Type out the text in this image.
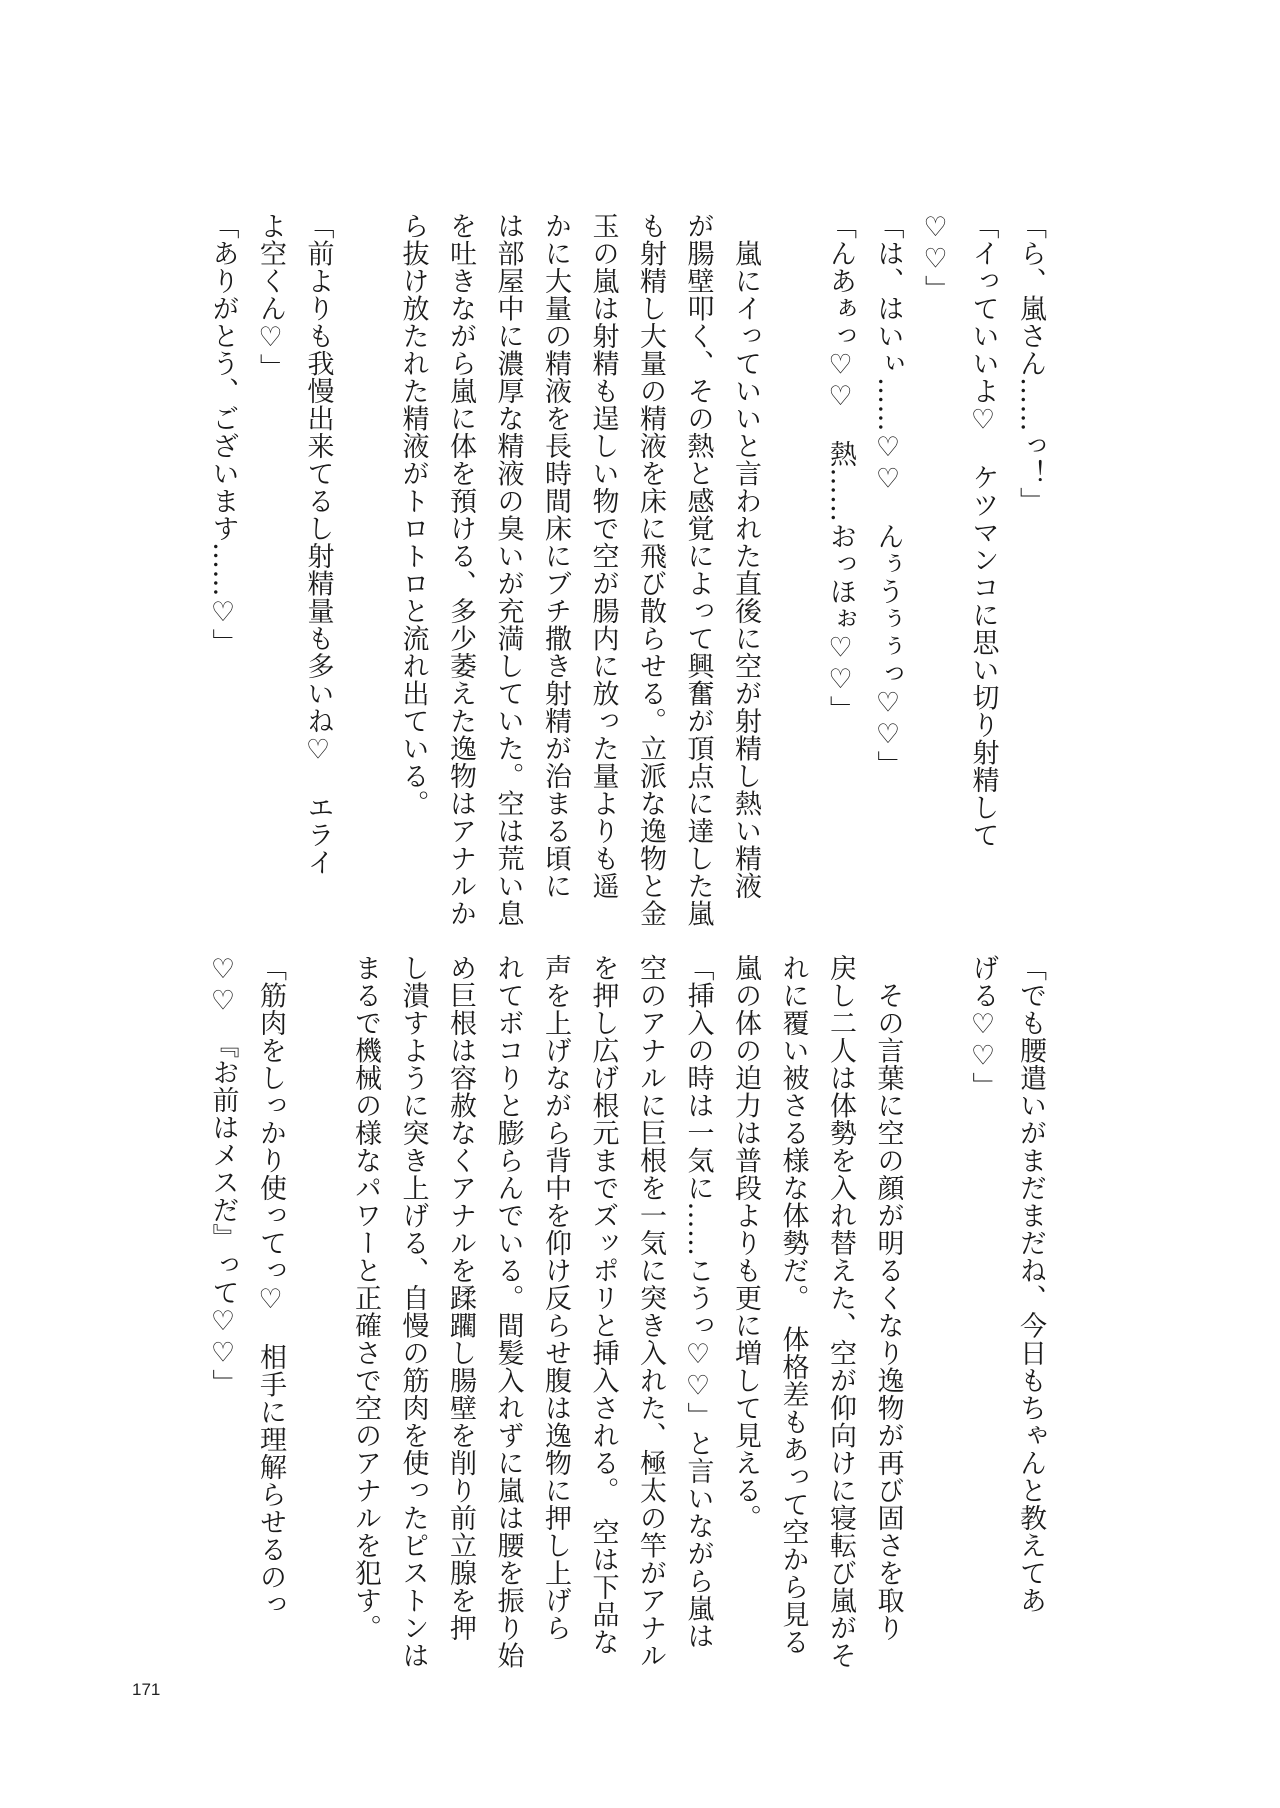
「ら、嵐さん……っ！」
「イっていいよ♡　ケツマンコに思い切り射精して
♡♡」
「は、はいぃ……♡♡　んぅうぅぅっ♡♡」
「んあぁっ♡♡　熱……おっほぉ♡♡」

　嵐にイっていいと言われた直後に空が射精し熱い精液
が腸壁叩く、その熱と感覚によって興奮が頂点に達した嵐
も射精し大量の精液を床に飛び散らせる。立派な逸物と金
玉の嵐は射精も逞しい物で空が腸内に放った量よりも遥
かに大量の精液を長時間床にブチ撒き射精が治まる頃に
は部屋中に濃厚な精液の臭いが充満していた。空は荒い息
を吐きながら嵐に体を預ける、多少萎えた逸物はアナルか
ら抜け放たれた精液がトロトロと流れ出ている。

「前よりも我慢出来てるし射精量も多いね♡　エライ
よ空くん♡」
「ありがとう、ございます……♡」
「でも腰遣いがまだまだね、今日もちゃんと教えてあ
げる♡♡」

　その言葉に空の顔が明るくなり逸物が再び固さを取り
戻し二人は体勢を入れ替えた、空が仰向けに寝転び嵐がそ
れに覆い被さる様な体勢だ。　体格差もあって空から見る
嵐の体の迫力は普段よりも更に増して見える。
「挿入の時は一気に……こうっ♡♡」と言いながら嵐は
空のアナルに巨根を一気に突き入れた、極太の竿がアナル
を押し広げ根元までズッポリと挿入される。　空は下品な
声を上げながら背中を仰け反らせ腹は逸物に押し上げら
れてボコりと膨らんでいる。間髪入れずに嵐は腰を振り始
め巨根は容赦なくアナルを蹂躙し腸壁を削り前立腺を押
し潰すように突き上げる、自慢の筋肉を使ったピストンは
まるで機械の様なパワーと正確さで空のアナルを犯す。

「筋肉をしっかり使ってっ♡　相手に理解らせるのっ
♡♡　『お前はメスだ』って♡♡」
171
